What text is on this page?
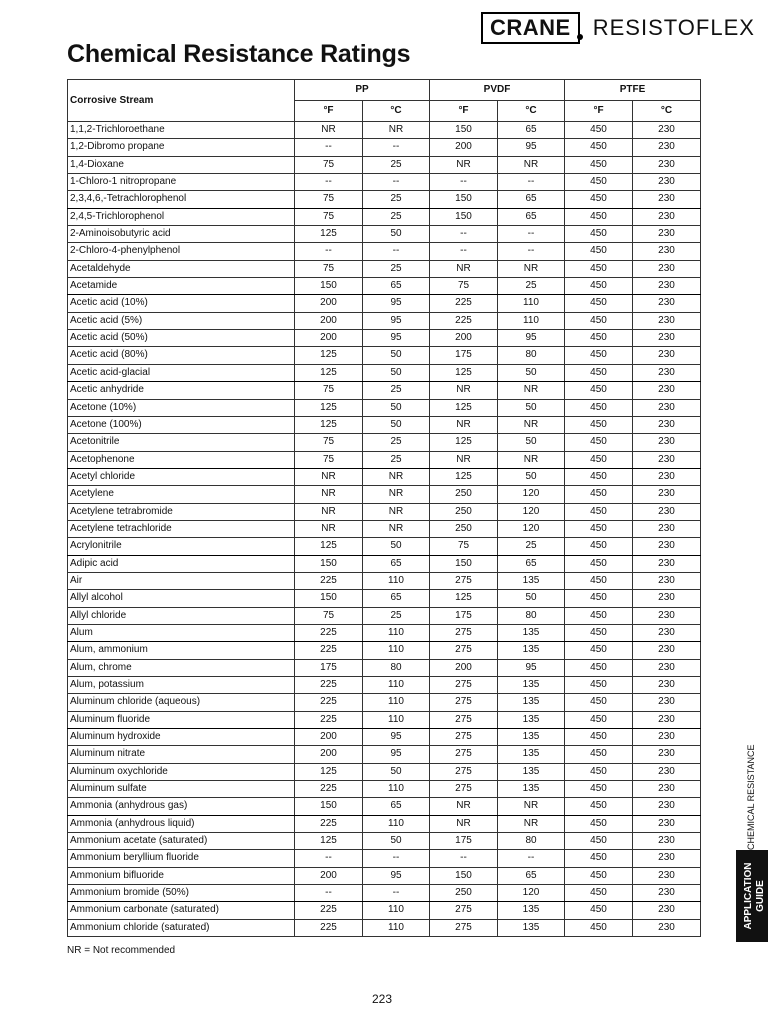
CRANE RESISTOFLEX
Chemical Resistance Ratings
Corrosive Stream	PP		PVDF		PTFE	
	°F	°C	°F	°C	°F	°C
1,1,2-Trichloroethane	NR	NR	150	65	450	230
1,2-Dibromo propane	--	--	200	95	450	230
1,4-Dioxane	75	25	NR	NR	450	230
1-Chloro-1 nitropropane	--	--	--	--	450	230
2,3,4,6,-Tetrachlorophenol	75	25	150	65	450	230
2,4,5-Trichlorophenol	75	25	150	65	450	230
2-Aminoisobutyric acid	125	50	--	--	450	230
2-Chloro-4-phenylphenol	--	--	--	--	450	230
Acetaldehyde	75	25	NR	NR	450	230
Acetamide	150	65	75	25	450	230
Acetic acid (10%)	200	95	225	110	450	230
Acetic acid (5%)	200	95	225	110	450	230
Acetic acid (50%)	200	95	200	95	450	230
Acetic acid (80%)	125	50	175	80	450	230
Acetic acid-glacial	125	50	125	50	450	230
Acetic anhydride	75	25	NR	NR	450	230
Acetone (10%)	125	50	125	50	450	230
Acetone (100%)	125	50	NR	NR	450	230
Acetonitrile	75	25	125	50	450	230
Acetophenone	75	25	NR	NR	450	230
Acetyl chloride	NR	NR	125	50	450	230
Acetylene	NR	NR	250	120	450	230
Acetylene tetrabromide	NR	NR	250	120	450	230
Acetylene tetrachloride	NR	NR	250	120	450	230
Acrylonitrile	125	50	75	25	450	230
Adipic acid	150	65	150	65	450	230
Air	225	110	275	135	450	230
Allyl alcohol	150	65	125	50	450	230
Allyl chloride	75	25	175	80	450	230
Alum	225	110	275	135	450	230
Alum, ammonium	225	110	275	135	450	230
Alum, chrome	175	80	200	95	450	230
Alum, potassium	225	110	275	135	450	230
Aluminum chloride (aqueous)	225	110	275	135	450	230
Aluminum fluoride	225	110	275	135	450	230
Aluminum hydroxide	200	95	275	135	450	230
Aluminum nitrate	200	95	275	135	450	230
Aluminum oxychloride	125	50	275	135	450	230
Aluminum sulfate	225	110	275	135	450	230
Ammonia (anhydrous gas)	150	65	NR	NR	450	230
Ammonia (anhydrous liquid)	225	110	NR	NR	450	230
Ammonium acetate (saturated)	125	50	175	80	450	230
Ammonium beryllium fluoride	--	--	--	--	450	230
Ammonium bifluoride	200	95	150	65	450	230
Ammonium bromide (50%)	--	--	250	120	450	230
Ammonium carbonate (saturated)	225	110	275	135	450	230
Ammonium chloride (saturated)	225	110	275	135	450	230
NR = Not recommended
223
CHEMICAL RESISTANCE
APPLICATION GUIDE
